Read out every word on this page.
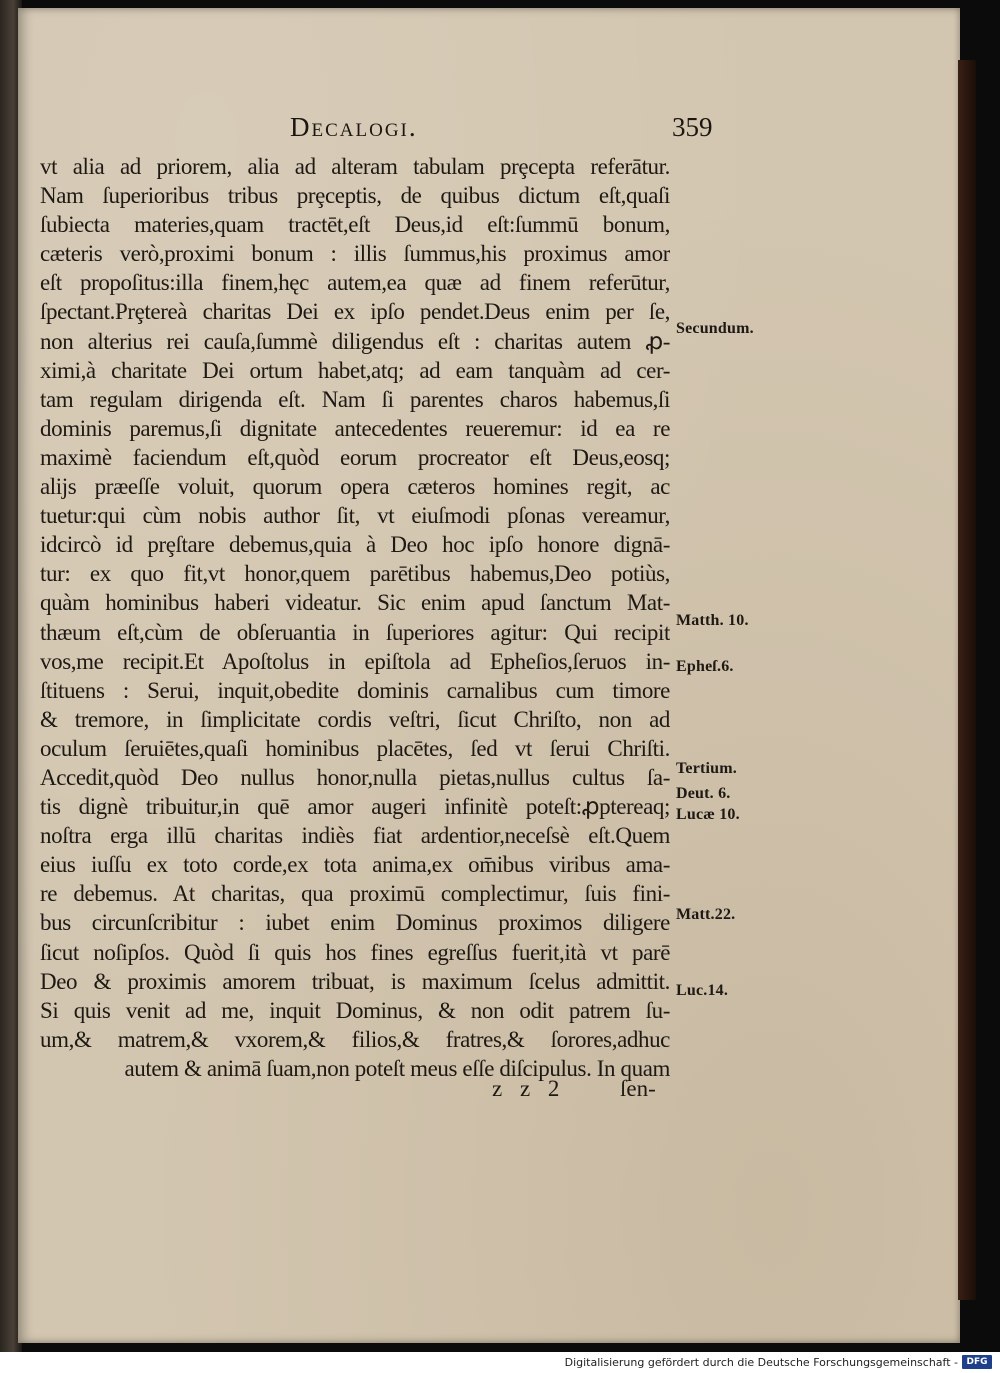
Decalogi.	359
vt alia ad priorem, alia ad alteram tabulam prȩcepta referātur.
Nam ſuperioribus tribus prȩceptis, de quibus dictum eſt,quaſi
ſubiecta materies,quam tractēt,eſt Deus,id eſt:ſummū bonum,
cæteris verò,proximi bonum : illis ſummus,his proximus amor
eſt propoſitus:illa finem,hęc autem,ea quæ ad finem referūtur,
ſpectant.Prȩtereà charitas Dei ex ipſo pendet.Deus enim per ſe,
non alterius rei cauſa,ſummè diligendus eſt : charitas autem ꝓ-
ximi,à charitate Dei ortum habet,atq; ad eam tanquàm ad cer-
tam regulam dirigenda eſt. Nam ſi parentes charos habemus,ſi
dominis paremus,ſi dignitate antecedentes reueremur: id ea re
maximè faciendum eſt,quòd eorum procreator eſt Deus,eosq;
alijs præeſſe voluit, quorum opera cæteros homines regit, ac
tuetur:qui cùm nobis author ſit, vt eiuſmodi pſonas vereamur,
idcircò id prȩſtare debemus,quia à Deo hoc ipſo honore dignā-
tur: ex quo fit,vt honor,quem parētibus habemus,Deo potiùs,
quàm hominibus haberi videatur. Sic enim apud ſanctum Mat-
thæum eſt,cùm de obſeruantia in ſuperiores agitur: Qui recipit
vos,me recipit.Et Apoſtolus in epiſtola ad Epheſios,ſeruos in-
ſtituens : Serui, inquit,obedite dominis carnalibus cum timore
& tremore, in ſimplicitate cordis veſtri, ſicut Chriſto, non ad
oculum ſeruiētes,quaſi hominibus placētes, ſed vt ſerui Chriſti.
Accedit,quòd Deo nullus honor,nulla pietas,nullus cultus ſa-
tis dignè tribuitur,in quē amor augeri infinitè poteſt:ꝓptereaq;
noſtra erga illū charitas indiès fiat ardentior,neceſsè eſt.Quem
eius iuſſu ex toto corde,ex tota anima,ex om̄ibus viribus ama-
re debemus. At charitas, qua proximū complectimur, ſuis fini-
bus circunſcribitur : iubet enim Dominus proximos diligere
ſicut noſipſos. Quòd ſi quis hos fines egreſſus fuerit,ità vt parē
Deo & proximis amorem tribuat, is maximum ſcelus admittit.
Si quis venit ad me, inquit Dominus, & non odit patrem ſu-
um,& matrem,& vxorem,& filios,& fratres,& ſorores,adhuc
autem & animā ſuam,non poteſt meus eſſe diſcipulus. In quam
Secundum.
Matth. 10.
Epheſ.6.
Tertium.
Deut. 6.
Lucæ 10.
Matt.22.
Luc.14.
z z 2 ſen-
Digitalisierung gefördert durch die Deutsche Forschungsgemeinschaft - DFG
